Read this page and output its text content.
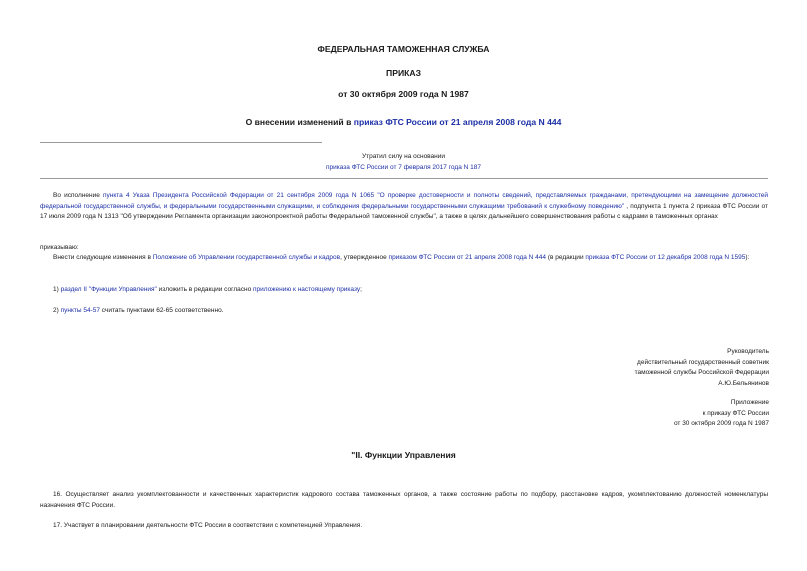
ФЕДЕРАЛЬНАЯ ТАМОЖЕННАЯ СЛУЖБА
ПРИКАЗ
от 30 октября 2009 года N 1987
О внесении изменений в приказ ФТС России от 21 апреля 2008 года N 444
Утратил силу на основании
приказа ФТС России от 7 февраля 2017 года N 187
Во исполнение пункта 4 Указа Президента Российской Федерации от 21 сентября 2009 года N 1065 "О проверке достоверности и полноты сведений, представляемых гражданами, претендующими на замещение должностей федеральной государственной службы, и федеральными государственными служащими, и соблюдения федеральными государственными служащими требований к служебному поведению" , подпункта 1 пункта 2 приказа ФТС России от 17 июля 2009 года N 1313 "Об утверждении Регламента организации законопроектной работы Федеральной таможенной службы", а также в целях дальнейшего совершенствования работы с кадрами в таможенных органах
приказываю:
Внести следующие изменения в Положение об Управлении государственной службы и кадров, утвержденное приказом ФТС России от 21 апреля 2008 года N 444 (в редакции приказа ФТС России от 12 декабря 2008 года N 1595):
1) раздел II "Функции Управления" изложить в редакции согласно приложению к настоящему приказу;
2) пункты 54-57 считать пунктами 62-65 соответственно.
Руководитель
действительный государственный советник
таможенной службы Российской Федерации
А.Ю.Бельянинов
Приложение
к приказу ФТС России
от 30 октября 2009 года N 1987
"II. Функции Управления
16. Осуществляет анализ укомплектованности и качественных характеристик кадрового состава таможенных органов, а также состояние работы по подбору, расстановке кадров, укомплектованию должностей номенклатуры назначения ФТС России.
17. Участвует в планировании деятельности ФТС России в соответствии с компетенцией Управления.
